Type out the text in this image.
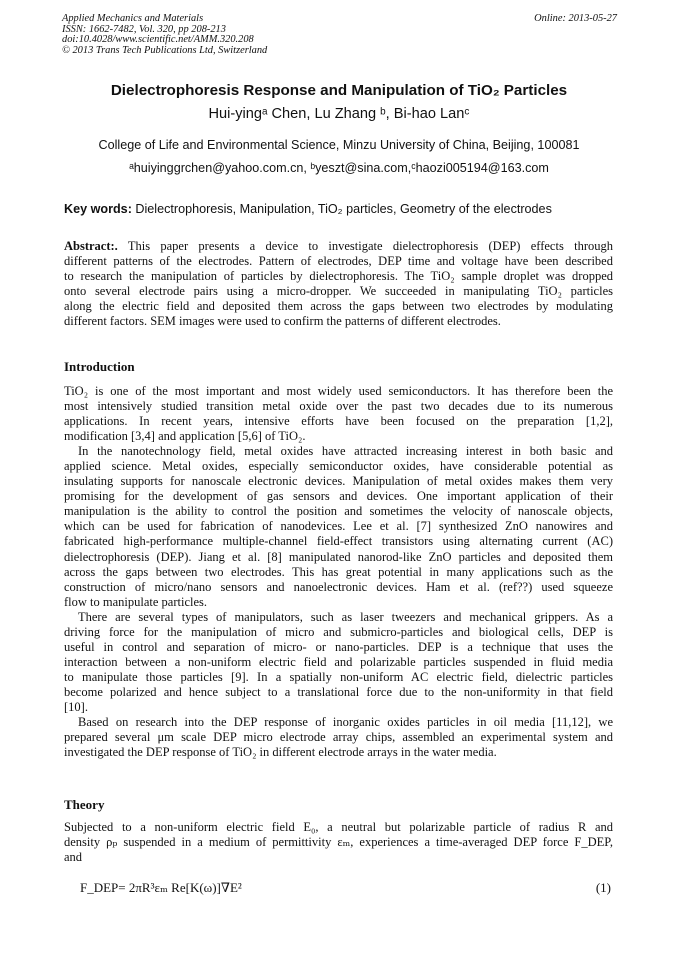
Applied Mechanics and Materials
ISSN: 1662-7482, Vol. 320, pp 208-213
doi:10.4028/www.scientific.net/AMM.320.208
© 2013 Trans Tech Publications Ltd, Switzerland
Online: 2013-05-27
Dielectrophoresis Response and Manipulation of TiO₂ Particles
Hui-yingᵃ Chen, Lu Zhang ᵇ, Bi-hao Lanᶜ
College of Life and Environmental Science, Minzu University of China, Beijing, 100081
ᵃhuiyinggrchen@yahoo.com.cn, ᵇyeszt@sina.com,ᶜhaozi005194@163.com
Key words: Dielectrophoresis, Manipulation, TiO₂ particles, Geometry of the electrodes
Abstract:. This paper presents a device to investigate dielectrophoresis (DEP) effects through
different patterns of the electrodes. Pattern of electrodes, DEP time and voltage have been described
to research the manipulation of particles by dielectrophoresis. The TiO₂ sample droplet was dropped
onto several electrode pairs using a micro-dropper. We succeeded in manipulating TiO₂ particles
along the electric field and deposited them across the gaps between two electrodes by modulating
different factors. SEM images were used to confirm the patterns of different electrodes.
Introduction
TiO₂ is one of the most important and most widely used semiconductors. It has therefore been the
most intensively studied transition metal oxide over the past two decades due to its numerous
applications. In recent years, intensive efforts have been focused on the preparation [1,2],
modification [3,4] and application [5,6] of TiO₂.
In the nanotechnology field, metal oxides have attracted increasing interest in both basic and
applied science. Metal oxides, especially semiconductor oxides, have considerable potential as
insulating supports for nanoscale electronic devices. Manipulation of metal oxides makes them very
promising for the development of gas sensors and devices. One important application of their
manipulation is the ability to control the position and sometimes the velocity of nanoscale objects,
which can be used for fabrication of nanodevices. Lee et al. [7] synthesized ZnO nanowires and
fabricated high-performance multiple-channel field-effect transistors using alternating current (AC)
dielectrophoresis (DEP). Jiang et al. [8] manipulated nanorod-like ZnO particles and deposited them
across the gaps between two electrodes. This has great potential in many applications such as the
construction of micro/nano sensors and nanoelectronic devices. Ham et al. (ref??) used squeeze
flow to manipulate particles.
There are several types of manipulators, such as laser tweezers and mechanical grippers. As a
driving force for the manipulation of micro and submicro-particles and biological cells, DEP is
useful in control and separation of micro- or nano-particles. DEP is a technique that uses the
interaction between a non-uniform electric field and polarizable particles suspended in fluid media
to manipulate those particles [9]. In a spatially non-uniform AC electric field, dielectric particles
become polarized and hence subject to a translational force due to the non-uniformity in that field
[10].
Based on research into the DEP response of inorganic oxides particles in oil media [11,12], we
prepared several μm scale DEP micro electrode array chips, assembled an experimental system and
investigated the DEP response of TiO₂ in different electrode arrays in the water media.
Theory
Subjected to a non-uniform electric field E₀, a neutral but polarizable particle of radius R and
density ρₚ suspended in a medium of permittivity εₘ, experiences a time-averaged DEP force F_DEP,
and
F_DEP= 2πR³εₘ Re[K(ω)]∇E²	(1)
